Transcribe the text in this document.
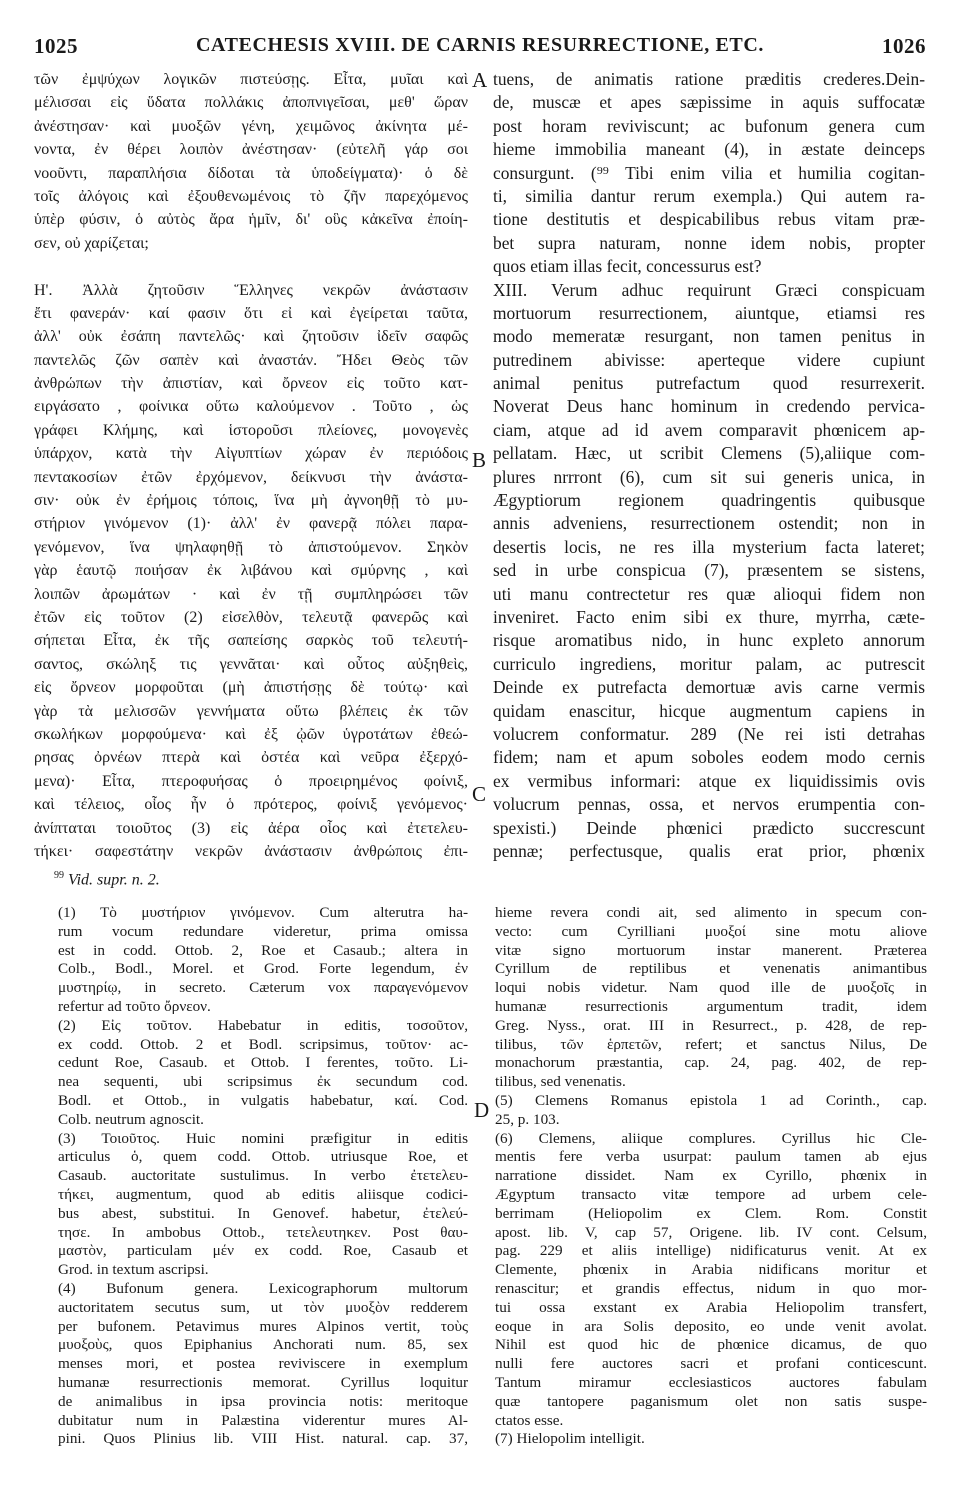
1025	CATECHESIS XVIII. DE CARNIS RESURRECTIONE, ETC.	1026
τῶν ἐμψύχων λογικῶν πιστεύσῃς. Εἶτα, μυῖαι καὶ
μέλισσαι εἰς ὕδατα πολλάκις ἀποπνιγεῖσαι, μεθ' ὥραν
ἀνέστησαν· καὶ μυοξῶν γένη, χειμῶνος ἀκίνητα μέ-
νοντα, ἐν θέρει λοιπὸν ἀνέστησαν· (εὐτελῆ γάρ σοι
νοοῦντι, παραπλήσια δίδοται τὰ ὑποδείγματα)· ὁ δὲ
τοῖς ἀλόγοις καὶ ἐξουθενωμένοις τὸ ζῆν παρεχόμενος
ὑπὲρ φύσιν, ὁ αὐτὸς ἄρα ἡμῖν, δι' οὓς κἀκεῖνα ἐποίη-
σεν, οὐ χαρίζεται;
Η'. Ἀλλὰ ζητοῦσιν Ἕλληνες νεκρῶν ἀνάστασιν
ἔτι φανεράν· καί φασιν ὅτι εἰ καὶ ἐγείρεται ταῦτα,
ἀλλ' οὐκ ἐσάπη παντελῶς· καὶ ζητοῦσιν ἰδεῖν σαφῶς
παντελῶς ζῶν σαπὲν καὶ ἀναστάν. Ἤδει Θεὸς τῶν
ἀνθρώπων τὴν ἀπιστίαν, καὶ ὄρνεον εἰς τοῦτο κατ-
ειργάσατο , φοίνικα οὕτω καλούμενον . Τοῦτο , ὡς
γράφει Κλήμης, καὶ ἱστοροῦσι πλείονες, μονογενὲς
ὑπάρχον, κατὰ τὴν Αἰγυπτίων χώραν ἐν περιόδοις
πεντακοσίων ἐτῶν ἐρχόμενον, δείκνυσι τὴν ἀνάστα-
σιν· οὐκ ἐν ἐρήμοις τόποις, ἵνα μὴ ἀγνοηθῇ τὸ μυ-
στήριον γινόμενον (1)· ἀλλ' ἐν φανερᾷ πόλει παρα-
γενόμενον, ἵνα ψηλαφηθῇ τὸ ἀπιστούμενον. Σηκὸν
γὰρ ἑαυτῷ ποιήσαν ἐκ λιβάνου καὶ σμύρνης , καὶ
λοιπῶν ἀρωμάτων · καὶ ἐν τῇ συμπληρώσει τῶν
ἐτῶν εἰς τοῦτον (2) εἰσελθὸν, τελευτᾷ φανερῶς καὶ
σήπεται Εἶτα, ἐκ τῆς σαπείσης σαρκὸς τοῦ τελευτή-
σαντος, σκώληξ τις γεννᾶται· καὶ οὗτος αὐξηθεὶς,
εἰς ὄρνεον μορφοῦται (μὴ ἀπιστήσῃς δὲ τούτῳ· καὶ
γὰρ τὰ μελισσῶν γεννήματα οὕτω βλέπεις ἐκ τῶν
σκωλήκων μορφούμενα· καὶ ἐξ ᾠῶν ὑγροτάτων ἐθεώ-
ρησας ὀρνέων πτερὰ καὶ ὀστέα καὶ νεῦρα ἐξερχό-
μενα)· Εἶτα, πτεροφυήσας ὁ προειρημένος φοίνιξ,
καὶ τέλειος, οἷος ἦν ὁ πρότερος, φοίνιξ γενόμενος·
ἀνίπταται τοιοῦτος (3) εἰς ἀέρα οἷος καὶ ἐτετελευ-
τήκει· σαφεστάτην νεκρῶν ἀνάστασιν ἀνθρώποις ἐπι-
tuens, de animatis ratione præditis crederes.Dein-
de, muscæ et apes sæpissime in aquis suffocatæ
post horam reviviscunt; ac bufonum genera cum
hieme immobilia maneant (4), in æstate deinceps
consurgunt. (⁹⁹ Tibi enim vilia et humilia cogitan-
ti, similia dantur rerum exempla.) Qui autem ra-
tione destitutis et despicabilibus rebus vitam præ-
bet supra naturam, nonne idem nobis, propter
quos etiam illas fecit, concessurus est?
XIII. Verum adhuc requirunt Græci conspicuam
mortuorum resurrectionem, aiuntque, etiamsi res
modo memeratæ resurgant, non tamen penitus in
putredinem abivisse: aperteque videre cupiunt
animal penitus putrefactum quod resurrexerit.
Noverat Deus hanc hominum in credendo pervica-
ciam, atque ad id avem comparavit phœnicem ap-
pellatam. Hæc, ut scribit Clemens (5),aliique com-
plures nrrront (6), cum sit sui generis unica, in
Ægyptiorum regionem quadringentis quibusque
annis adveniens, resurrectionem ostendit; non in
desertis locis, ne res illa mysterium facta lateret;
sed in urbe conspicua (7), præsentem se sistens,
uti manu contrectetur res quæ alioqui fidem non
inveniret. Facto enim sibi ex thure, myrrha, cæte-
risque aromatibus nido, in hunc expleto annorum
curriculo ingrediens, moritur palam, ac putrescit
Deinde ex putrefacta demortuæ avis carne vermis
quidam enascitur, hicque augmentum capiens in
volucrem conformatur. 289 (Ne rei isti detrahas
fidem; nam et apum soboles eodem modo cernis
ex vermibus informari: atque ex liquidissimis ovis
volucrum pennas, ossa, et nervos erumpentia con-
spexisti.) Deinde phœnici prædicto succrescunt
pennæ; perfectusque, qualis erat prior, phœnix
A
B
C
D
$^{99}$ Vid. supr. n. 2.
(1) Τὸ μυστήριον γινόμενον. Cum alterutra ha-
rum vocum redundare videretur, prima omissa
est in codd. Ottob. 2, Roe et Casaub.; altera in
Colb., Bodl., Morel. et Grod. Forte legendum, ἐν
μυστηρίῳ, in secreto. Cæterum vox παραγενόμενον
refertur ad τοῦτο ὄρνεον.
(2) Εἰς τοῦτον. Habebatur in editis, τοσοῦτον,
ex codd. Ottob. 2 et Bodl. scripsimus, τοῦτον· ac-
cedunt Roe, Casaub. et Ottob. I ferentes, τοῦτο. Li-
nea sequenti, ubi scripsimus ἐκ secundum cod.
Bodl. et Ottob., in vulgatis habebatur, καί. Cod.
Colb. neutrum agnoscit.
(3) Τοιοῦτος. Huic nomini præfigitur in editis
articulus ὁ, quem codd. Ottob. utriusque Roe, et
Casaub. auctoritate sustulimus. In verbo ἐτετελευ-
τήκει, augmentum, quod ab editis aliisque codici-
bus abest, substitui. In Genovef. habetur, ἐτελεύ-
τησε. In ambobus Ottob., τετελευτηκεν. Post θαυ-
μαστὸν, particulam μέν ex codd. Roe, Casaub et
Grod. in textum ascripsi.
(4) Bufonum genera. Lexicographorum multorum
auctoritatem secutus sum, ut τὸν μυοξὸν redderem
per bufonem. Petavimus mures Alpinos vertit, τοὺς
μυοξοὺς, quos Epiphanius Anchorati num. 85, sex
menses mori, et postea reviviscere in exemplum
humanæ resurrectionis memorat. Cyrillus loquitur
de animalibus in ipsa provincia notis: meritoque
dubitatur num in Palæstina viderentur mures Al-
pini. Quos Plinius lib. VIII Hist. natural. cap. 37,
hieme revera condi ait, sed alimento in specum con-
vecto: cum Cyrilliani μυοξοί sine motu aliove
vitæ signo mortuorum instar manerent. Præterea
Cyrillum de reptilibus et venenatis animantibus
loqui nobis videtur. Nam quod ille de μυοξοῖς in
humanæ resurrectionis argumentum tradit, idem
Greg. Nyss., orat. III in Resurrect., p. 428, de rep-
tilibus, τῶν ἑρπετῶν, refert; et sanctus Nilus, De
monachorum præstantia, cap. 24, pag. 402, de rep-
tilibus, sed venenatis.
(5) Clemens Romanus epistola 1 ad Corinth., cap.
25, p. 103.
(6) Clemens, aliique complures. Cyrillus hic Cle-
mentis fere verba usurpat: paulum tamen ab ejus
narratione dissidet. Nam ex Cyrillo, phœnix in
Ægyptum transacto vitæ tempore ad urbem cele-
berrimam (Heliopolim ex Clem. Rom. Constit
apost. lib. V, cap 57, Origene. lib. IV cont. Celsum,
pag. 229 et aliis intellige) nidificaturus venit. At ex
Clemente, phœnix in Arabia nidificans moritur et
renascitur; et grandis effectus, nidum in quo mor-
tui ossa exstant ex Arabia Heliopolim transfert,
eoque in ara Solis deposito, eo unde venit avolat.
Nihil est quod hic de phœnice dicamus, de quo
nulli fere auctores sacri et profani conticescunt.
Tantum miramur ecclesiasticos auctores fabulam
quæ tantopere paganismum olet non satis suspe-
ctatos esse.
(7) Hielopolim intelligit.
